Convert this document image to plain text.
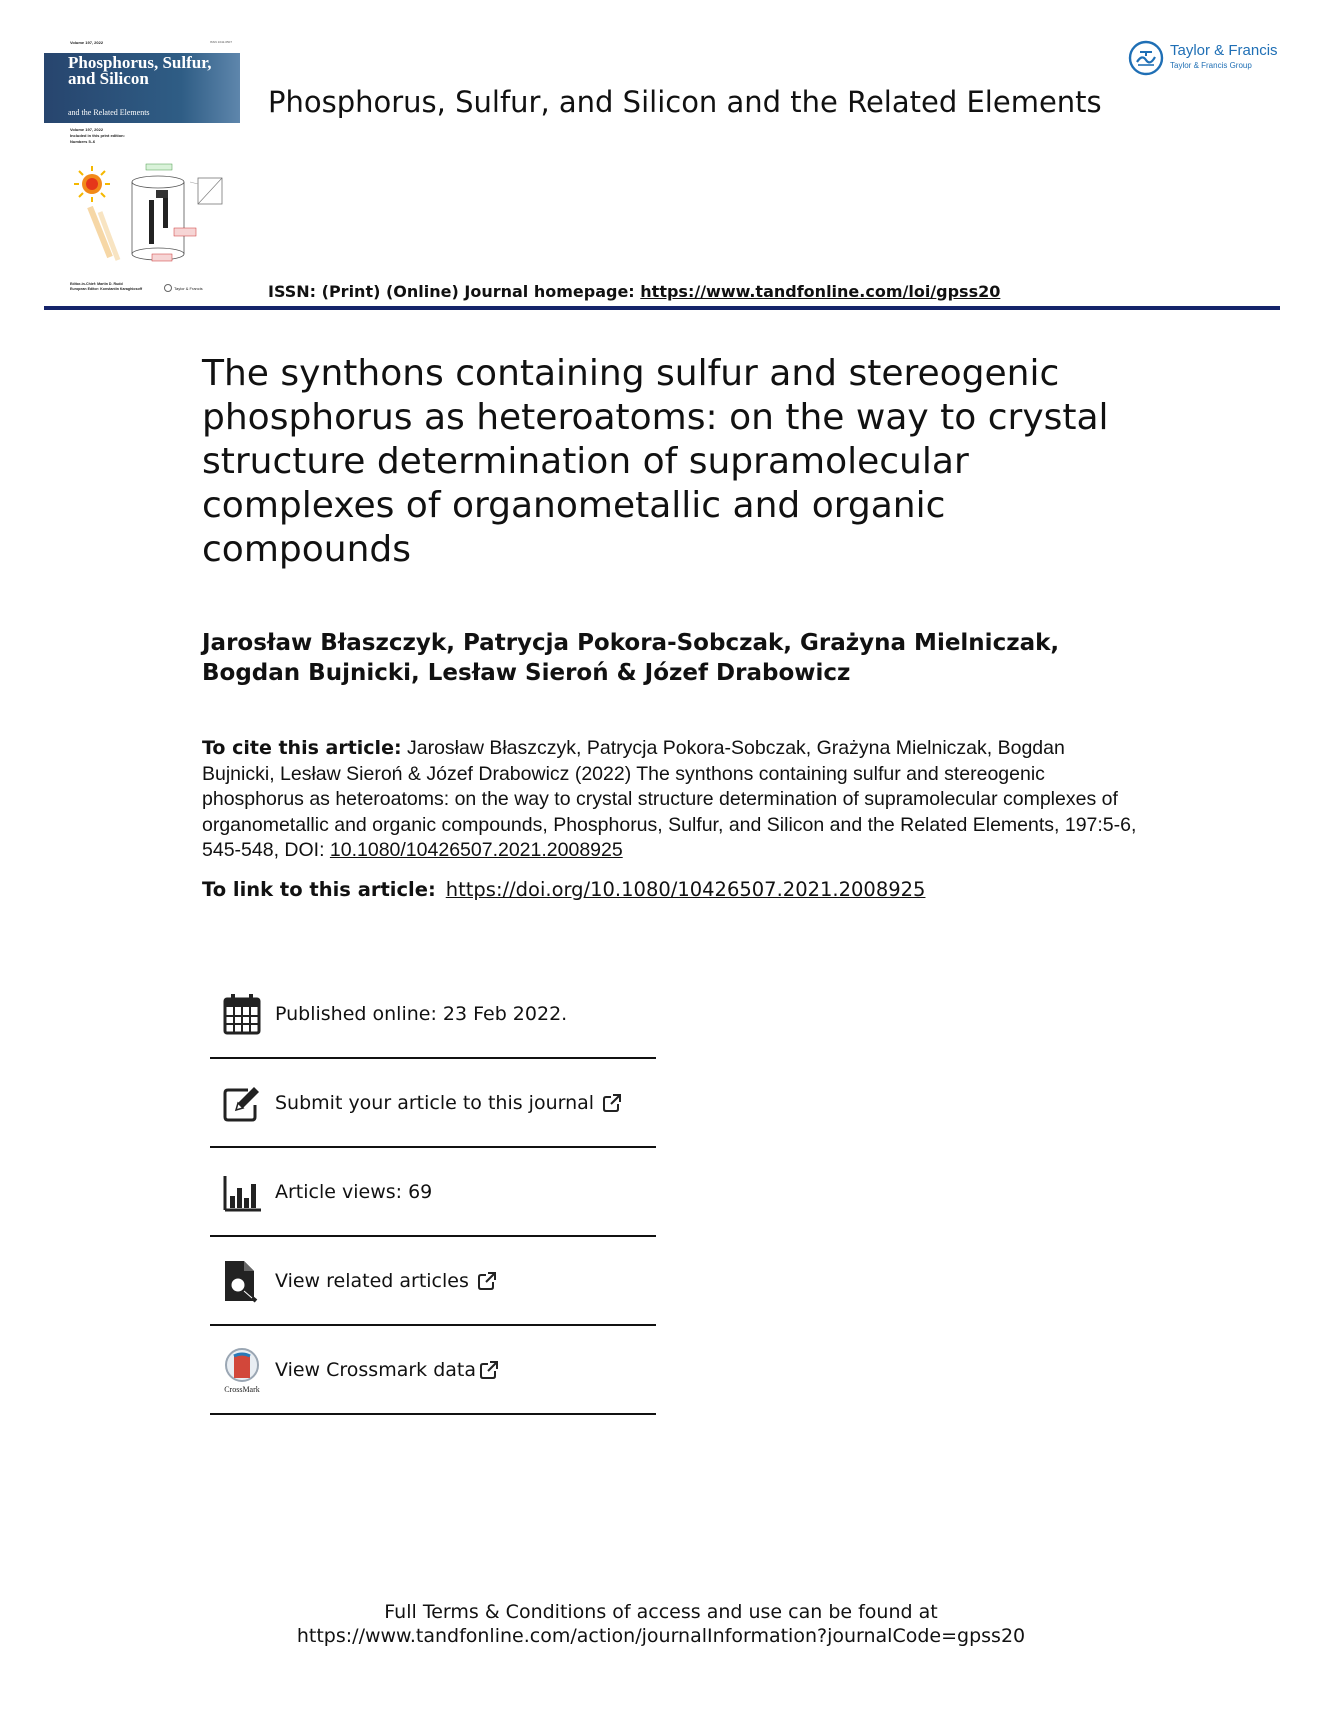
Volume 197, 2022	ISSN 1042-6507
Phosphorus, Sulfur, and Silicon
and the Related Elements
Volume 197, 2022
Included in this print edition:
Numbers 5–6
Editor-in-Chief: Martin D. Rudd
European Editor: Konstantin Karaghiosoff	Taylor & Francis
Phosphorus, Sulfur, and Silicon and the Related Elements
Taylor & Francis
Taylor & Francis Group
ISSN: (Print) (Online) Journal homepage: https://www.tandfonline.com/loi/gpss20
The synthons containing sulfur and stereogenic phosphorus as heteroatoms: on the way to crystal structure determination of supramolecular complexes of organometallic and organic compounds
Jarosław Błaszczyk, Patrycja Pokora-Sobczak, Grażyna Mielniczak, Bogdan Bujnicki, Lesław Sieroń & Józef Drabowicz
To cite this article: Jarosław Błaszczyk, Patrycja Pokora-Sobczak, Grażyna Mielniczak, Bogdan Bujnicki, Lesław Sieroń & Józef Drabowicz (2022) The synthons containing sulfur and stereogenic phosphorus as heteroatoms: on the way to crystal structure determination of supramolecular complexes of organometallic and organic compounds, Phosphorus, Sulfur, and Silicon and the Related Elements, 197:5-6, 545-548, DOI: 10.1080/10426507.2021.2008925
To link to this article: https://doi.org/10.1080/10426507.2021.2008925
Published online: 23 Feb 2022.
Submit your article to this journal
Article views: 69
View related articles
CrossMark
View Crossmark data
Full Terms & Conditions of access and use can be found at
https://www.tandfonline.com/action/journalInformation?journalCode=gpss20
